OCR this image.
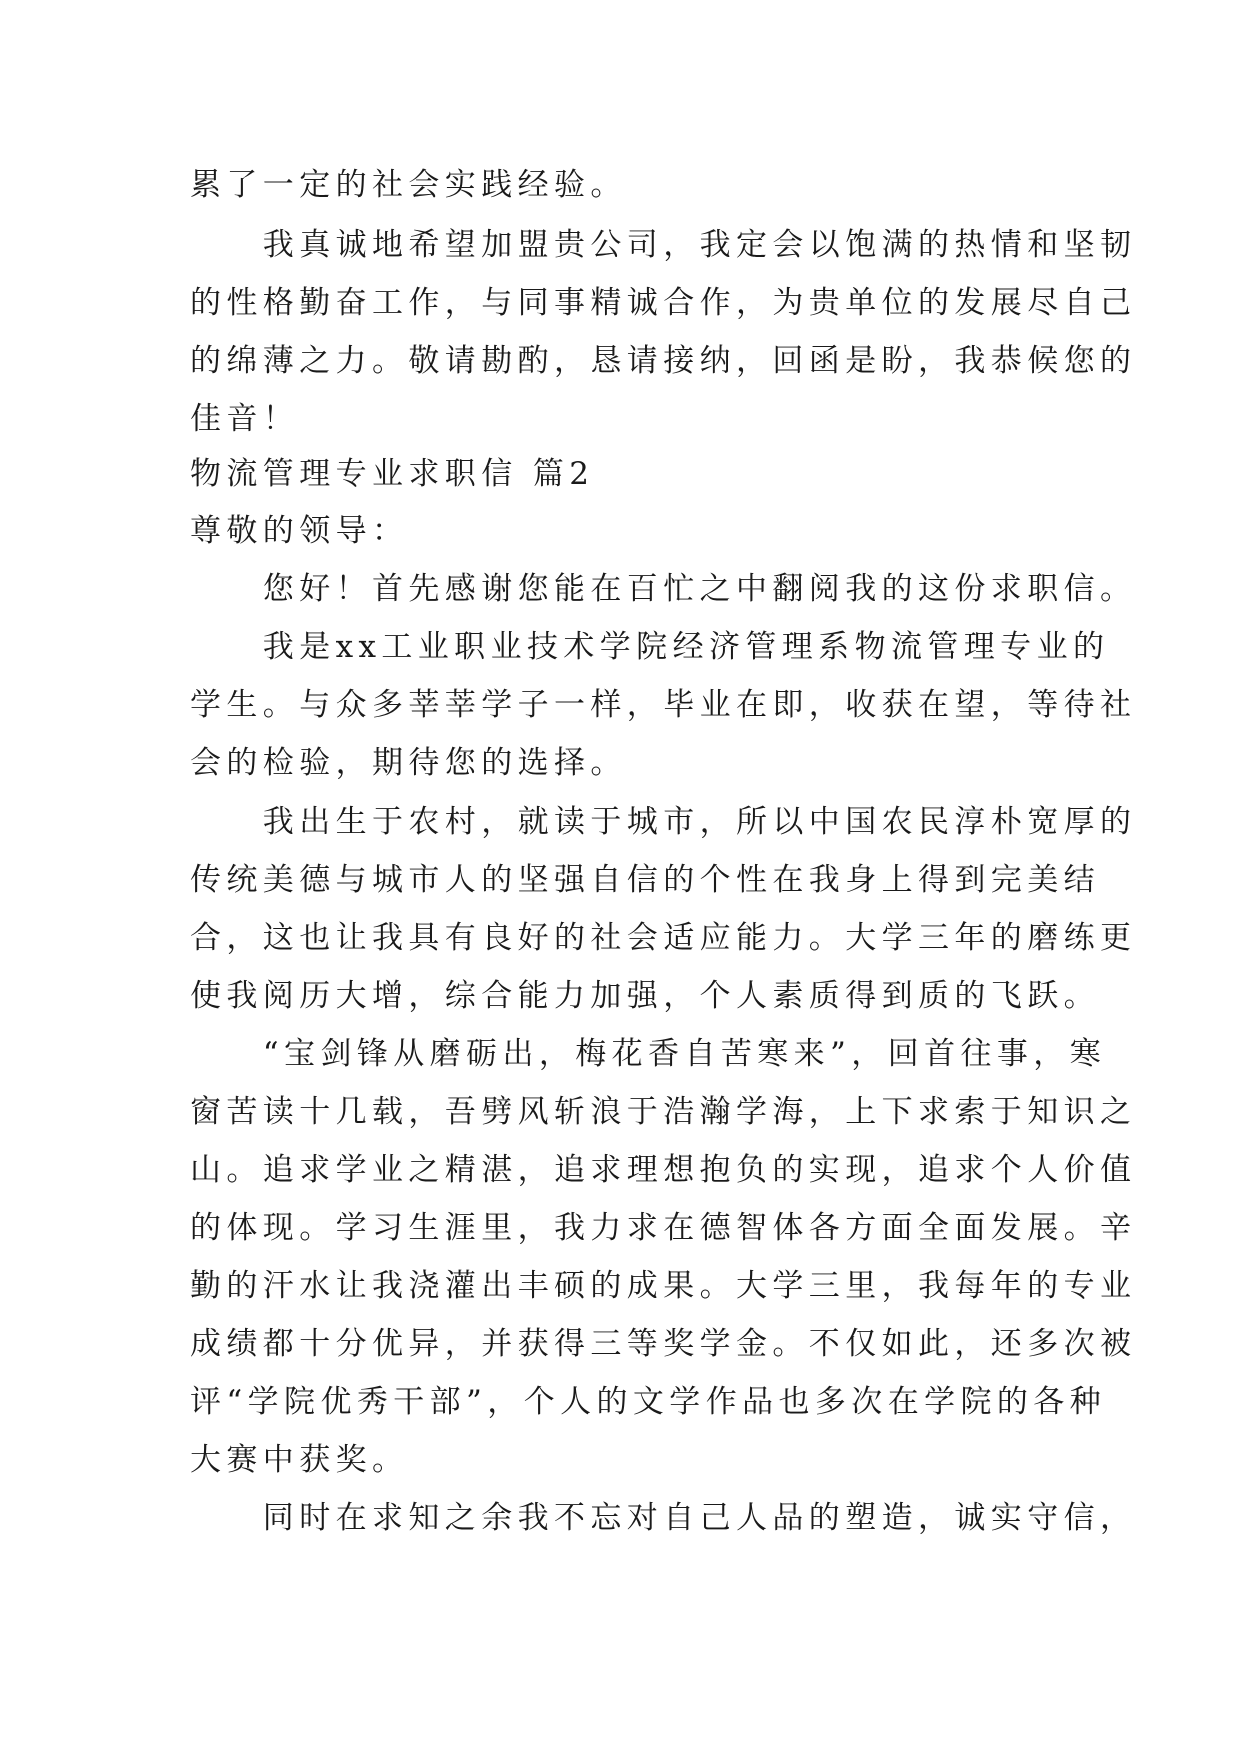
累了一定的社会实践经验。
　　我真诚地希望加盟贵公司，我定会以饱满的热情和坚韧
的性格勤奋工作，与同事精诚合作，为贵单位的发展尽自己
的绵薄之力。敬请勘酌，恳请接纳，回函是盼，我恭候您的
佳音！
物流管理专业求职信 篇2
尊敬的领导：
　　您好！首先感谢您能在百忙之中翻阅我的这份求职信。
　　我是xx工业职业技术学院经济管理系物流管理专业的
学生。与众多莘莘学子一样，毕业在即，收获在望，等待社
会的检验，期待您的选择。
　　我出生于农村，就读于城市，所以中国农民淳朴宽厚的
传统美德与城市人的坚强自信的个性在我身上得到完美结
合，这也让我具有良好的社会适应能力。大学三年的磨练更
使我阅历大增，综合能力加强，个人素质得到质的飞跃。
　　“宝剑锋从磨砺出，梅花香自苦寒来”，回首往事，寒
窗苦读十几载，吾劈风斩浪于浩瀚学海，上下求索于知识之
山。追求学业之精湛，追求理想抱负的实现，追求个人价值
的体现。学习生涯里，我力求在德智体各方面全面发展。辛
勤的汗水让我浇灌出丰硕的成果。大学三里，我每年的专业
成绩都十分优异，并获得三等奖学金。不仅如此，还多次被
评“学院优秀干部”，个人的文学作品也多次在学院的各种
大赛中获奖。
　　同时在求知之余我不忘对自己人品的塑造，诚实守信，
